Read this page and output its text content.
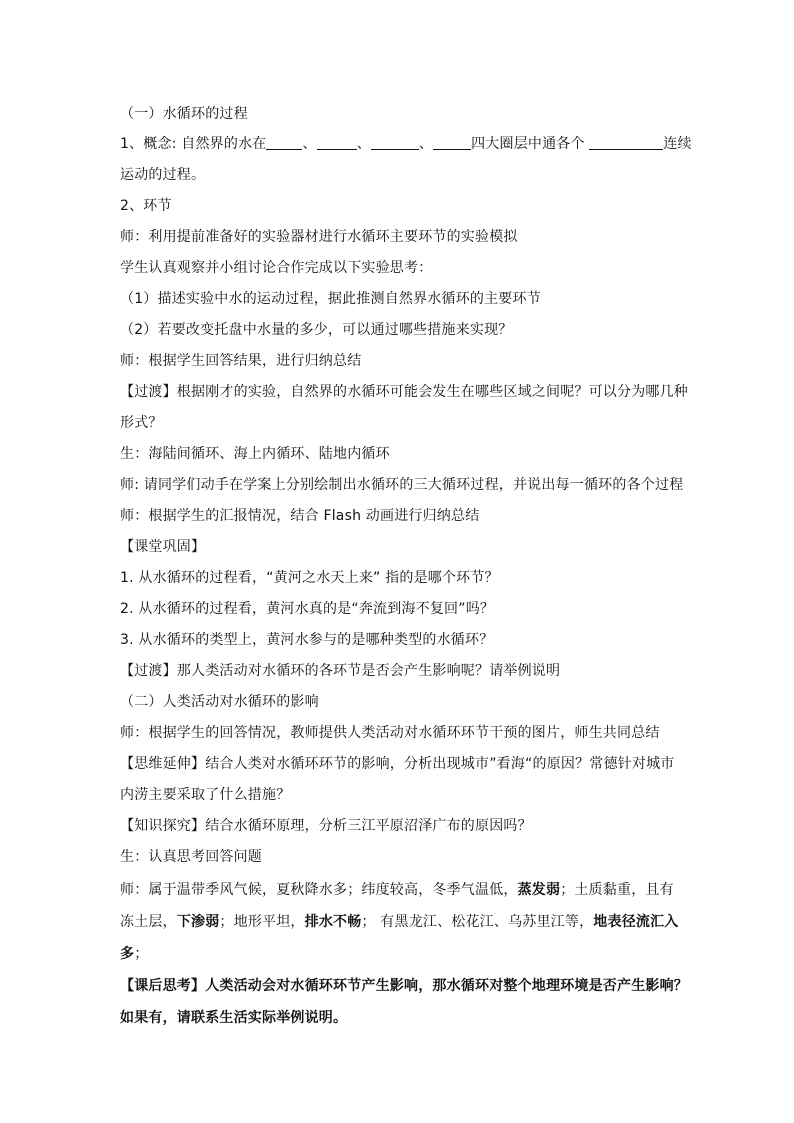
（一）水循环的过程
1、概念: 自然界的水在	、	、	、	四大圈层中通各个	连续
运动的过程。
2、环节
师：利用提前准备好的实验器材进行水循环主要环节的实验模拟
学生认真观察并小组讨论合作完成以下实验思考：
（1）描述实验中水的运动过程，据此推测自然界水循环的主要环节
（2）若要改变托盘中水量的多少，可以通过哪些措施来实现？
师：根据学生回答结果，进行归纳总结
【过渡】根据刚才的实验，自然界的水循环可能会发生在哪些区域之间呢？可以分为哪几种
形式？
生：海陆间循环、海上内循环、陆地内循环
师: 请同学们动手在学案上分别绘制出水循环的三大循环过程，并说出每一循环的各个过程
师：根据学生的汇报情况，结合 Flash 动画进行归纳总结
【课堂巩固】
1. 从水循环的过程看，“黄河之水天上来” 指的是哪个环节？
2. 从水循环的过程看，黄河水真的是“奔流到海不复回”吗？
3. 从水循环的类型上，黄河水参与的是哪种类型的水循环？
【过渡】那人类活动对水循环的各环节是否会产生影响呢？请举例说明
（二）人类活动对水循环的影响
师：根据学生的回答情况，教师提供人类活动对水循环环节干预的图片，师生共同总结
【思维延伸】结合人类对水循环环节的影响，分析出现城市”看海“的原因？常德针对城市
内涝主要采取了什么措施？
【知识探究】结合水循环原理，分析三江平原沼泽广布的原因吗？
生：认真思考回答问题
师：属于温带季风气候，夏秋降水多；纬度较高，冬季气温低，蒸发弱；土质黏重，且有
冻土层，下渗弱；地形平坦，排水不畅； 有黑龙江、松花江、乌苏里江等，地表径流汇入
多；
【课后思考】人类活动会对水循环环节产生影响，那水循环对整个地理环境是否产生影响？
如果有，请联系生活实际举例说明。
